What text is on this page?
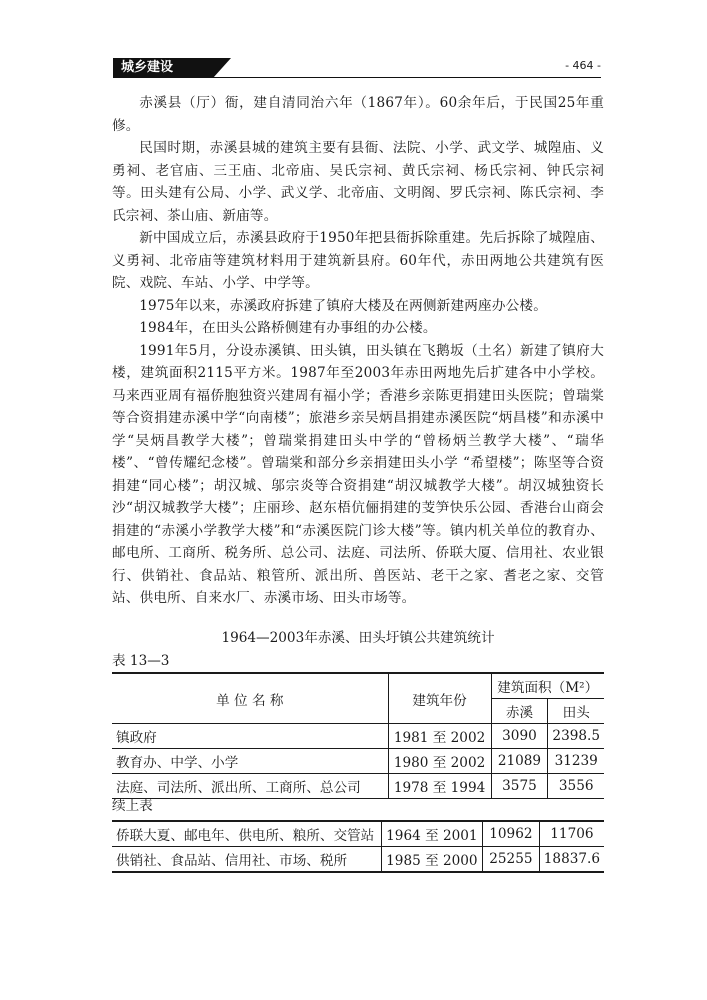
城乡建设	- 464 -

赤溪县（厅）衙，建自清同治六年（1867年）。60余年后，于民国25年重修。

民国时期，赤溪县城的建筑主要有县衙、法院、小学、武文学、城隍庙、义勇祠、老官庙、三王庙、北帝庙、吴氏宗祠、黄氏宗祠、杨氏宗祠、钟氏宗祠等。田头建有公局、小学、武义学、北帝庙、文明阁、罗氏宗祠、陈氏宗祠、李氏宗祠、茶山庙、新庙等。

新中国成立后，赤溪县政府于1950年把县衙拆除重建。先后拆除了城隍庙、义勇祠、北帝庙等建筑材料用于建筑新县府。60年代，赤田两地公共建筑有医院、戏院、车站、小学、中学等。

1975年以来，赤溪政府拆建了镇府大楼及在两侧新建两座办公楼。

1984年，在田头公路桥侧建有办事组的办公楼。

1991年5月，分设赤溪镇、田头镇，田头镇在飞鹅坂（土名）新建了镇府大楼，建筑面积2115平方米。1987年至2003年赤田两地先后扩建各中小学校。马来西亚周有福侨胞独资兴建周有福小学；香港乡亲陈更捐建田头医院；曾瑞棠等合资捐建赤溪中学“向南楼”；旅港乡亲吴炳昌捐建赤溪医院“炳昌楼”和赤溪中学“吴炳昌教学大楼”；曾瑞棠捐建田头中学的“曾杨炳兰教学大楼”、“瑞华楼”、“曾传耀纪念楼”。曾瑞棠和部分乡亲捐建田头小学 “希望楼”；陈坚等合资捐建“同心楼”；胡汉城、邬宗炎等合资捐建“胡汉城教学大楼”。胡汉城独资长沙“胡汉城教学大楼”；庄丽珍、赵东梧伉俪捐建的芰笋快乐公园、香港台山商会捐建的“赤溪小学教学大楼”和“赤溪医院门诊大楼”等。镇内机关单位的教育办、邮电所、工商所、税务所、总公司、法庭、司法所、侨联大厦、信用社、农业银行、供销社、食品站、粮管所、派出所、兽医站、老干之家、耆老之家、交管站、供电所、自来水厂、赤溪市场、田头市场等。

1964—2003年赤溪、田头圩镇公共建筑统计
表 13—3
单 位 名 称	建筑年份	建筑面积（M²）	
		赤溪	田头
镇政府	1981 至 2002	3090	2398.5
教育办、中学、小学	1980 至 2002	21089	31239
法庭、司法所、派出所、工商所、总公司	1978 至 1994	3575	3556
续上表
侨联大夏、邮电年、供电所、粮所、交管站	1964 至 2001	10962	11706
供销社、食品站、信用社、市场、税所	1985 至 2000	25255	18837.6
